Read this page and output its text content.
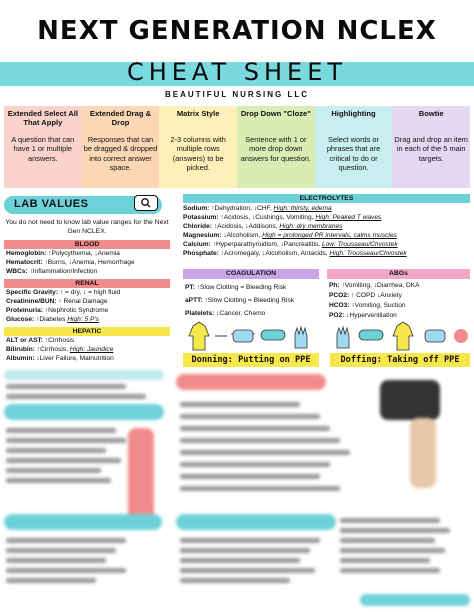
NEXT GENERATION NCLEX
CHEAT SHEET
BEAUTIFUL NURSING LLC
Extended Select All That Apply
A question that can have 1 or multiple answers.
Extended Drag & Drop
Responses that can be dragged & dropped into correct answer space.
Matrix Style
2-3 columns with multiple rows (answers) to be picked.
Drop Down "Cloze"
Sentence with 1 or more drop down answers for question.
Highlighting
Select words or phrases that are critical to do or question.
Bowtie
Drag and drop an item in each of the 5 main targets.
LAB VALUES
You do not need to know lab value ranges for the Next Gen NCLEX.
BLOOD
Hemoglobin: ↑Polycythemia, ↓Anemia
Hematocrit: ↑Burns, ↓Anemia, Hemorrhage
WBCs: ↑Inflammation/Infection
RENAL
Specific Gravity: ↑ = dry, ↓ = high fluid
Creatinine/BUN: ↑ Renal Damage
Proteinuria: ↑Nephrotic Syndrome
Glucose: ↑Diabetes High: 5 P's
HEPATIC
ALT or AST: ↑Cirrhosis
Bilirubin: ↑Cirrhosis, High: Jaundice
Albumin: ↓Liver Failure, Malnutrition
ELECTROLYTES
Sodium: ↑Dehydration, ↓CHF, High: thirsty, edema
Potassium: ↑Acidosis, ↓Cushings, Vomiting, High: Peaked T waves
Chloride: ↑Acidosis, ↓Addisons, High: dry membranes
Magnesium: ↓Alcoholism, High = prolonged PR intervals, calms muscles
Calcium: ↑Hyperparathyroidism, ↓Pancreatitis, Low: Trousseau/Chvostek
Phosphate: ↑Acromegaly, ↓Alcoholism, Antacids, High: Trousseau/Chvostek
COAGULATION
PT: ↑Slow Clotting = Bleeding Risk
aPTT: ↑Slow Clotting = Bleeding Risk
Platelets: ↓Cancer, Chemo
ABGs
Ph: ↑Vomiting, ↓Diarrhea, DKA
PCO2: ↑ COPD ↓Anxiety
HCO3: ↑Vomiting, Suction
PO2: ↓Hyperventilation
Donning: Putting on PPE	Doffing: Taking off PPE
